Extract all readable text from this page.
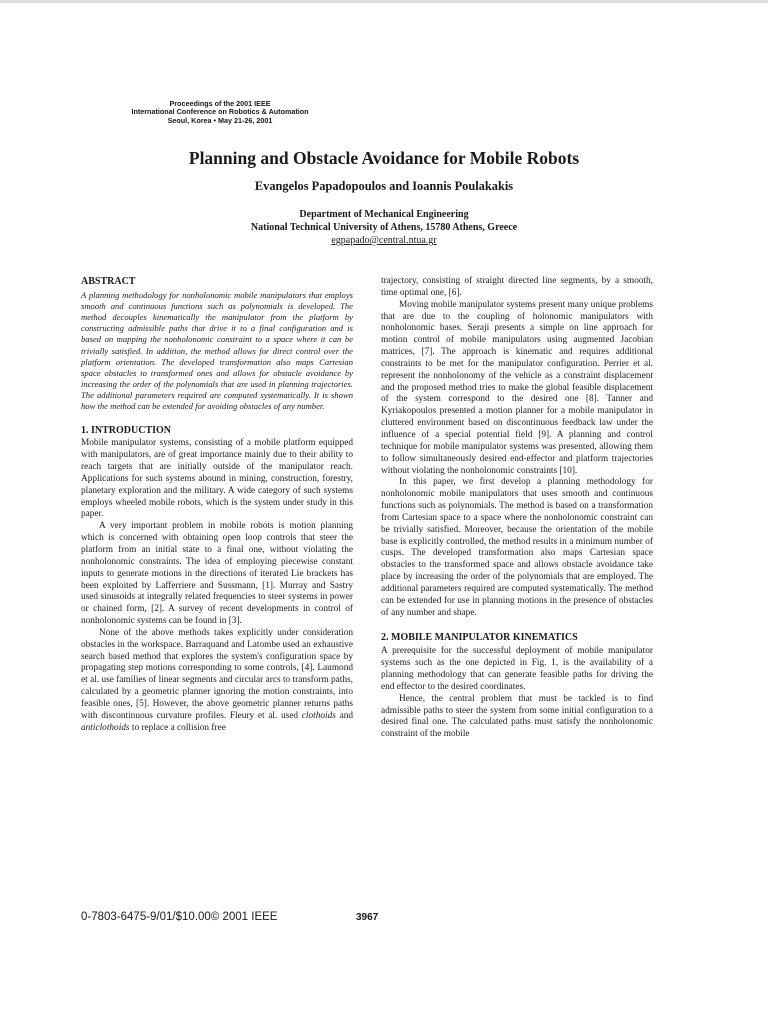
Proceedings of the 2001 IEEE
International Conference on Robotics & Automation
Seoul, Korea • May 21-26, 2001
Planning and Obstacle Avoidance for Mobile Robots
Evangelos Papadopoulos and Ioannis Poulakakis
Department of Mechanical Engineering
National Technical University of Athens, 15780 Athens, Greece
egpapado@central.ntua.gr
ABSTRACT

A planning methodology for nonholonomic mobile manipulators that employs smooth and continuous functions such as polynomials is developed. The method decouples kinematically the manipulator from the platform by constructing admissible paths that drive it to a final configuration and is based on mapping the nonholonomic constraint to a space where it can be trivially satisfied. In addition, the method allows for direct control over the platform orientation. The developed transformation also maps Cartesian space obstacles to transformed ones and allows for obstacle avoidance by increasing the order of the polynomials that are used in planning trajectories. The additional parameters required are computed systematically. It is shown how the method can be extended for avoiding obstacles of any number.

1. INTRODUCTION

Mobile manipulator systems, consisting of a mobile platform equipped with manipulators, are of great importance mainly due to their ability to reach targets that are initially outside of the manipulator reach. Applications for such systems abound in mining, construction, forestry, planetary exploration and the military. A wide category of such systems employs wheeled mobile robots, which is the system under study in this paper.

A very important problem in mobile robots is motion planning which is concerned with obtaining open loop controls that steer the platform from an initial state to a final one, without violating the nonholonomic constraints. The idea of employing piecewise constant inputs to generate motions in the directions of iterated Lie brackets has been exploited by Lafferriere and Sussmann, [1]. Murray and Sastry used sinusoids at integrally related frequencies to steer systems in power or chained form, [2]. A survey of recent developments in control of nonholonomic systems can be found in [3].

None of the above methods takes explicitly under consideration obstacles in the workspace. Barraquand and Latombe used an exhaustive search based method that explores the system's configuration space by propagating step motions corresponding to some controls, [4]. Laumond et al. use families of linear segments and circular arcs to transform paths, calculated by a geometric planner ignoring the motion constraints, into feasible ones, [5]. However, the above geometric planner returns paths with discontinuous curvature profiles. Fleury et al. used clothoids and anticlothoids to replace a collision free

trajectory, consisting of straight directed line segments, by a smooth, time optimal one, [6].

Moving mobile manipulator systems present many unique problems that are due to the coupling of holonomic manipulators with nonholonomic bases. Seraji presents a simple on line approach for motion control of mobile manipulators using augmented Jacobian matrices, [7]. The approach is kinematic and requires additional constraints to be met for the manipulator configuration. Perrier et al. represent the nonholonomy of the vehicle as a constraint displacement and the proposed method tries to make the global feasible displacement of the system correspond to the desired one [8]. Tanner and Kyriakopoulos presented a motion planner for a mobile manipulator in cluttered environment based on discontinuous feedback law under the influence of a special potential field [9]. A planning and control technique for mobile manipulator systems was presented, allowing them to follow simultaneously desired end-effector and platform trajectories without violating the nonholonomic constraints [10].

In this paper, we first develop a planning methodology for nonholonomic mobile manipulators that uses smooth and continuous functions such as polynomials. The method is based on a transformation from Cartesian space to a space where the nonholonomic constraint can be trivially satisfied. Moreover, because the orientation of the mobile base is explicitly controlled, the method results in a minimum number of cusps. The developed transformation also maps Cartesian space obstacles to the transformed space and allows obstacle avoidance take place by increasing the order of the polynomials that are employed. The additional parameters required are computed systematically. The method can be extended for use in planning motions in the presence of obstacles of any number and shape.

2. MOBILE MANIPULATOR KINEMATICS

A prerequisite for the successful deployment of mobile manipulator systems such as the one depicted in Fig. 1, is the availability of a planning methodology that can generate feasible paths for driving the end effector to the desired coordinates.

Hence, the central problem that must be tackled is to find admissible paths to steer the system from some initial configuration to a desired final one. The calculated paths must satisfy the nonholonomic constraint of the mobile

0-7803-6475-9/01/$10.00© 2001 IEEE	3967
